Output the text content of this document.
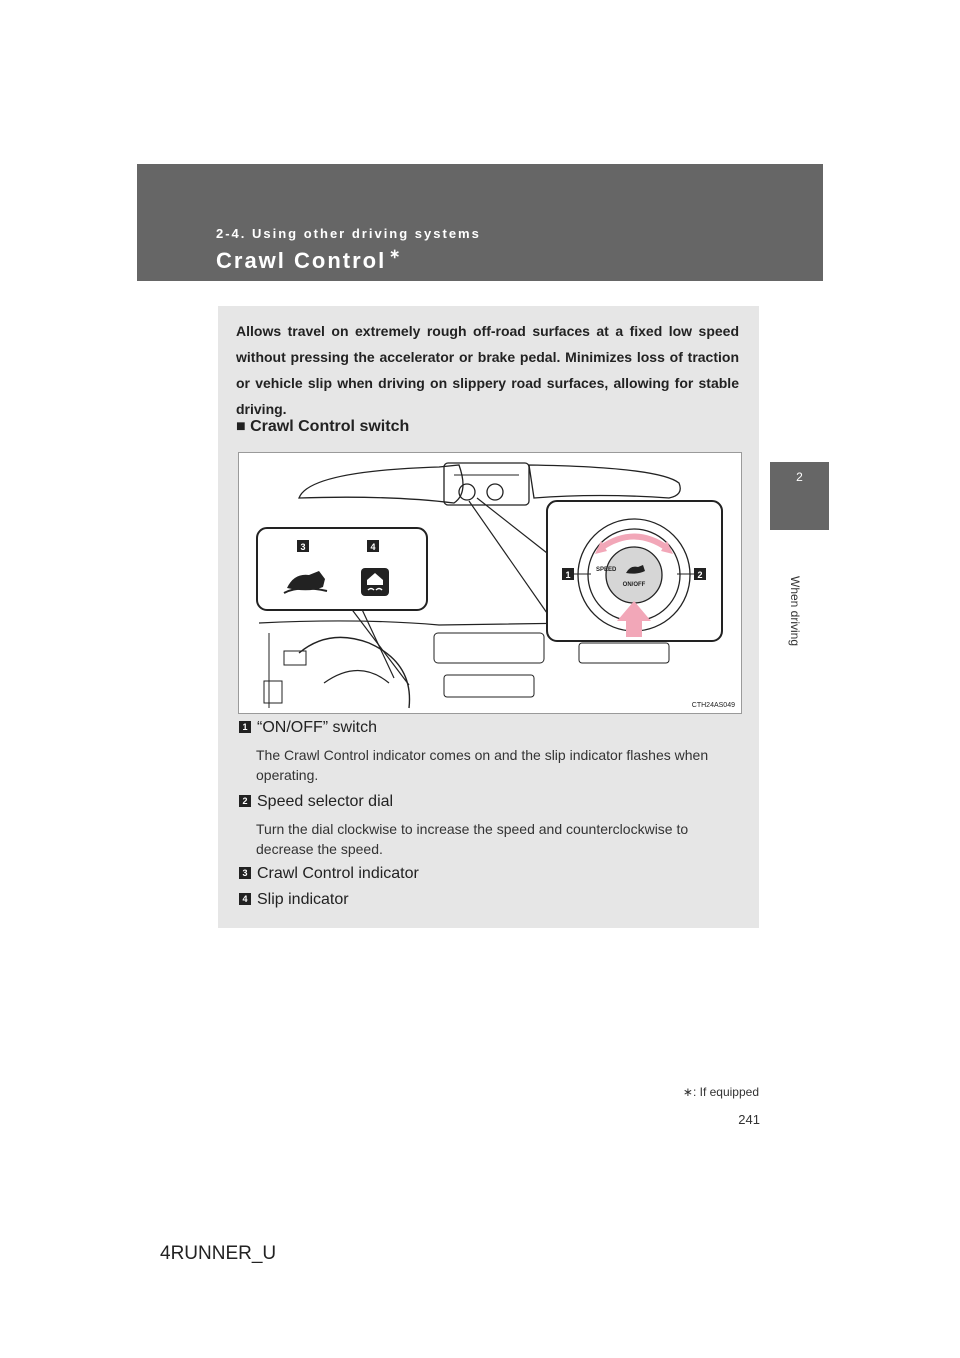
2-4. Using other driving systems
Crawl Control ∗
2
When driving
Allows travel on extremely rough off-road surfaces at a fixed low speed without pressing the accelerator or brake pedal. Minimizes loss of traction or vehicle slip when driving on slippery road surfaces, allowing for stable driving.
■ Crawl Control switch
3	4
SPEED
ON/OFF
1	2
CTH24AS049
1 “ON/OFF” switch
The Crawl Control indicator comes on and the slip indicator flashes when operating.
2 Speed selector dial
Turn the dial clockwise to increase the speed and counterclockwise to decrease the speed.
3 Crawl Control indicator
4 Slip indicator
∗: If equipped
241
4RUNNER_U
